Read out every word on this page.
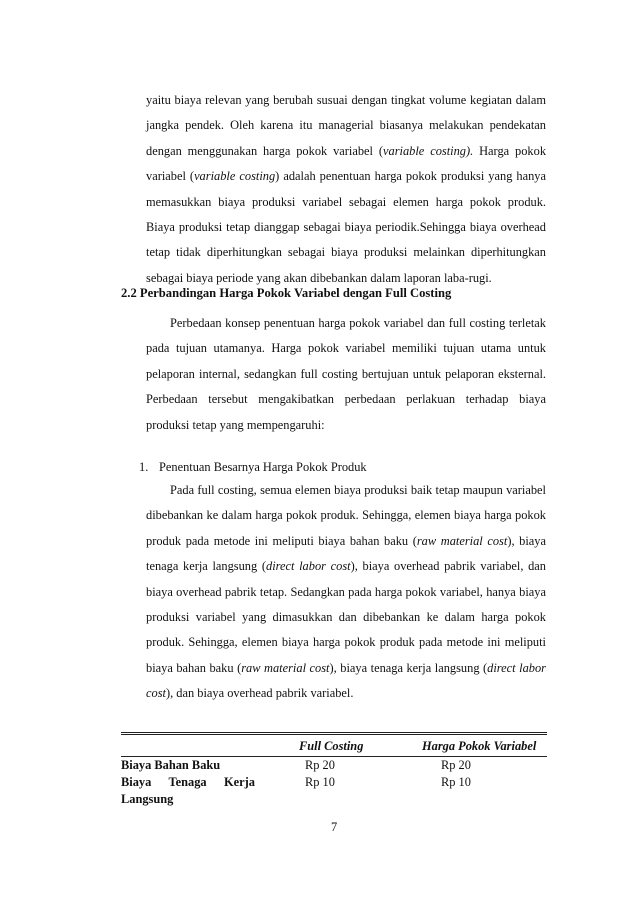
yaitu biaya relevan yang berubah susuai dengan tingkat volume kegiatan dalam jangka pendek. Oleh karena itu managerial biasanya melakukan pendekatan dengan menggunakan harga pokok variabel (variable costing). Harga pokok variabel (variable costing) adalah penentuan harga pokok produksi yang hanya memasukkan biaya produksi variabel sebagai elemen harga pokok produk. Biaya produksi tetap dianggap sebagai biaya periodik.Sehingga biaya overhead tetap tidak diperhitungkan sebagai biaya produksi melainkan diperhitungkan sebagai biaya periode yang akan dibebankan dalam laporan laba-rugi.

2.2 Perbandingan Harga Pokok Variabel dengan Full Costing

Perbedaan konsep penentuan harga pokok variabel dan full costing terletak pada tujuan utamanya. Harga pokok variabel memiliki tujuan utama untuk pelaporan internal, sedangkan full costing bertujuan untuk pelaporan eksternal. Perbedaan tersebut mengakibatkan perbedaan perlakuan terhadap biaya produksi tetap yang mempengaruhi:

1. Penentuan Besarnya Harga Pokok Produk

Pada full costing, semua elemen biaya produksi baik tetap maupun variabel dibebankan ke dalam harga pokok produk. Sehingga, elemen biaya harga pokok produk pada metode ini meliputi biaya bahan baku (raw material cost), biaya tenaga kerja langsung (direct labor cost), biaya overhead pabrik variabel, dan biaya overhead pabrik tetap. Sedangkan pada harga pokok variabel, hanya biaya produksi variabel yang dimasukkan dan dibebankan ke dalam harga pokok produk. Sehingga, elemen biaya harga pokok produk pada metode ini meliputi biaya bahan baku (raw material cost), biaya tenaga kerja langsung (direct labor cost), dan biaya overhead pabrik variabel.

	Full Costing	Harga Pokok Variabel
Biaya Bahan Baku	Rp 20	Rp 20
Biaya Tenaga Kerja Langsung	Rp 10	Rp 10

7
